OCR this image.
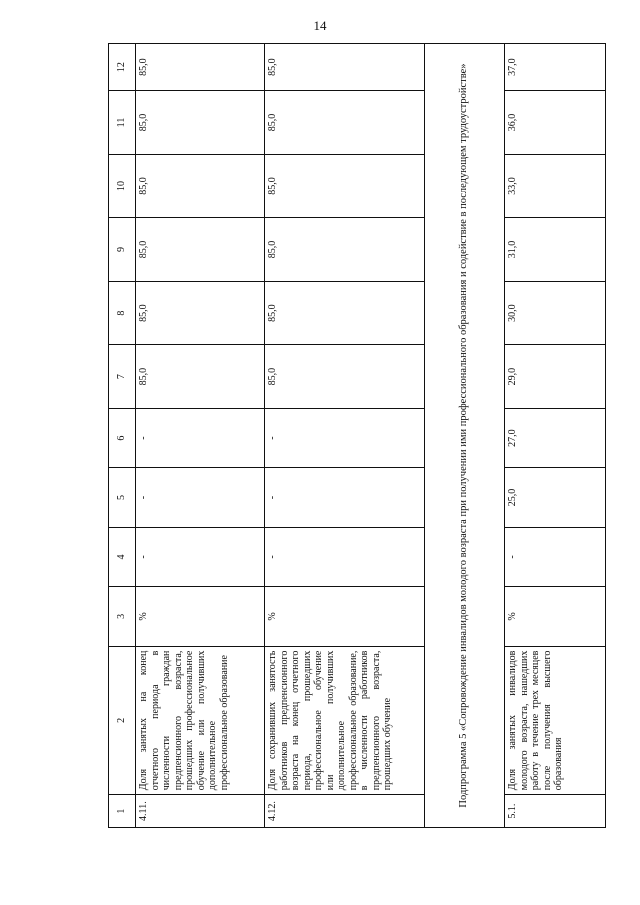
14
1	2	3	4	5	6	7	8	9	10	11	12
4.11.	Доля занятых на конец отчетного периода в численности граждан предпенсионного возраста, прошедших профессиональное обучение или получивших дополнительное профессиональное образование	%	-	-	-	85,0	85,0	85,0	85,0	85,0	85,0
4.12.	Доля сохранивших занятость работников предпенсионного возраста на конец отчетного периода, прошедших профессиональное обучение или получивших дополнительное профессиональное образование, в численности работников предпенсионного возраста, прошедших обучение	%	-	-	-	85,0	85,0	85,0	85,0	85,0	85,0
Подпрограмма 5 «Сопровождение инвалидов молодого возраста при получении ими профессионального образования и содействие в последующем трудоустройстве»											
5.1.	Доля занятых инвалидов молодого возраста, нашедших работу в течение трех месяцев после получения высшего образования	%	-	25,0	27,0	29,0	30,0	31,0	33,0	36,0	37,0
